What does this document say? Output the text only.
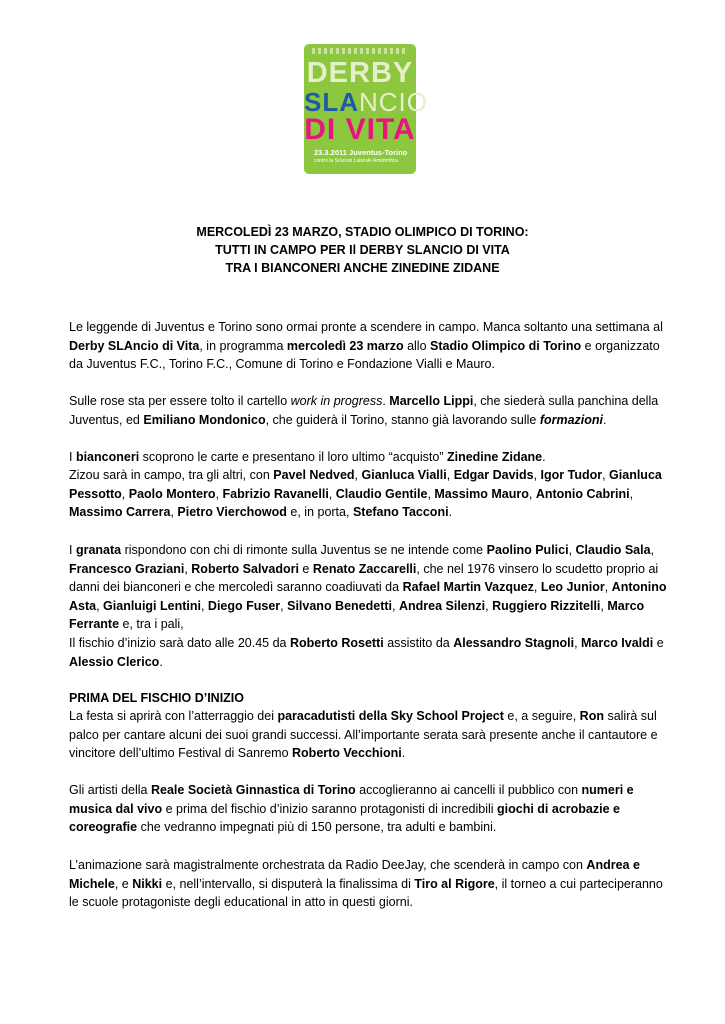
DERBY
SLANCIO
DI VITA
23.3.2011 Juventus-Torino
contro la Sclerosi Laterale Amiotrofica
MERCOLEDÌ 23 MARZO, STADIO OLIMPICO DI TORINO:
TUTTI IN CAMPO PER Il DERBY SLANCIO DI VITA
TRA I BIANCONERI ANCHE ZINEDINE ZIDANE

Le leggende di Juventus e Torino sono ormai pronte a scendere in campo. Manca soltanto una settimana al Derby SLAncio di Vita, in programma mercoledì 23 marzo allo Stadio Olimpico di Torino e organizzato da Juventus F.C., Torino F.C., Comune di Torino e Fondazione Vialli e Mauro.

Sulle rose sta per essere tolto il cartello work in progress. Marcello Lippi, che siederà sulla panchina della Juventus, ed Emiliano Mondonico, che guiderà il Torino, stanno già lavorando sulle formazioni.

I bianconeri scoprono le carte e presentano il loro ultimo “acquisto” Zinedine Zidane.

Zizou sarà in campo, tra gli altri, con Pavel Nedved, Gianluca Vialli, Edgar Davids, Igor Tudor, Gianluca Pessotto, Paolo Montero, Fabrizio Ravanelli, Claudio Gentile, Massimo Mauro, Antonio Cabrini, Massimo Carrera, Pietro Vierchowod e, in porta, Stefano Tacconi.

I granata rispondono con chi di rimonte sulla Juventus se ne intende come Paolino Pulici, Claudio Sala, Francesco Graziani, Roberto Salvadori e Renato Zaccarelli, che nel 1976 vinsero lo scudetto proprio ai danni dei bianconeri e che mercoledì saranno coadiuvati da Rafael Martin Vazquez, Leo Junior, Antonino Asta, Gianluigi Lentini, Diego Fuser, Silvano Benedetti, Andrea Silenzi, Ruggiero Rizzitelli, Marco Ferrante e, tra i pali,

Il fischio d’inizio sarà dato alle 20.45 da Roberto Rosetti assistito da Alessandro Stagnoli, Marco Ivaldi e Alessio Clerico.

PRIMA DEL FISCHIO D’INIZIO

La festa si aprirà con l’atterraggio dei paracadutisti della Sky School Project e, a seguire, Ron salirà sul palco per cantare alcuni dei suoi grandi successi. All’importante serata sarà presente anche il cantautore e vincitore dell’ultimo Festival di Sanremo Roberto Vecchioni.

Gli artisti della Reale Società Ginnastica di Torino accoglieranno ai cancelli il pubblico con numeri e musica dal vivo e prima del fischio d’inizio saranno protagonisti di incredibili giochi di acrobazie e coreografie che vedranno impegnati più di 150 persone, tra adulti e bambini.

L’animazione sarà magistralmente orchestrata da Radio DeeJay, che scenderà in campo con Andrea e Michele, e Nikki e, nell’intervallo, si disputerà la finalissima di Tiro al Rigore, il torneo a cui parteciperanno le scuole protagoniste degli educational in atto in questi giorni.
